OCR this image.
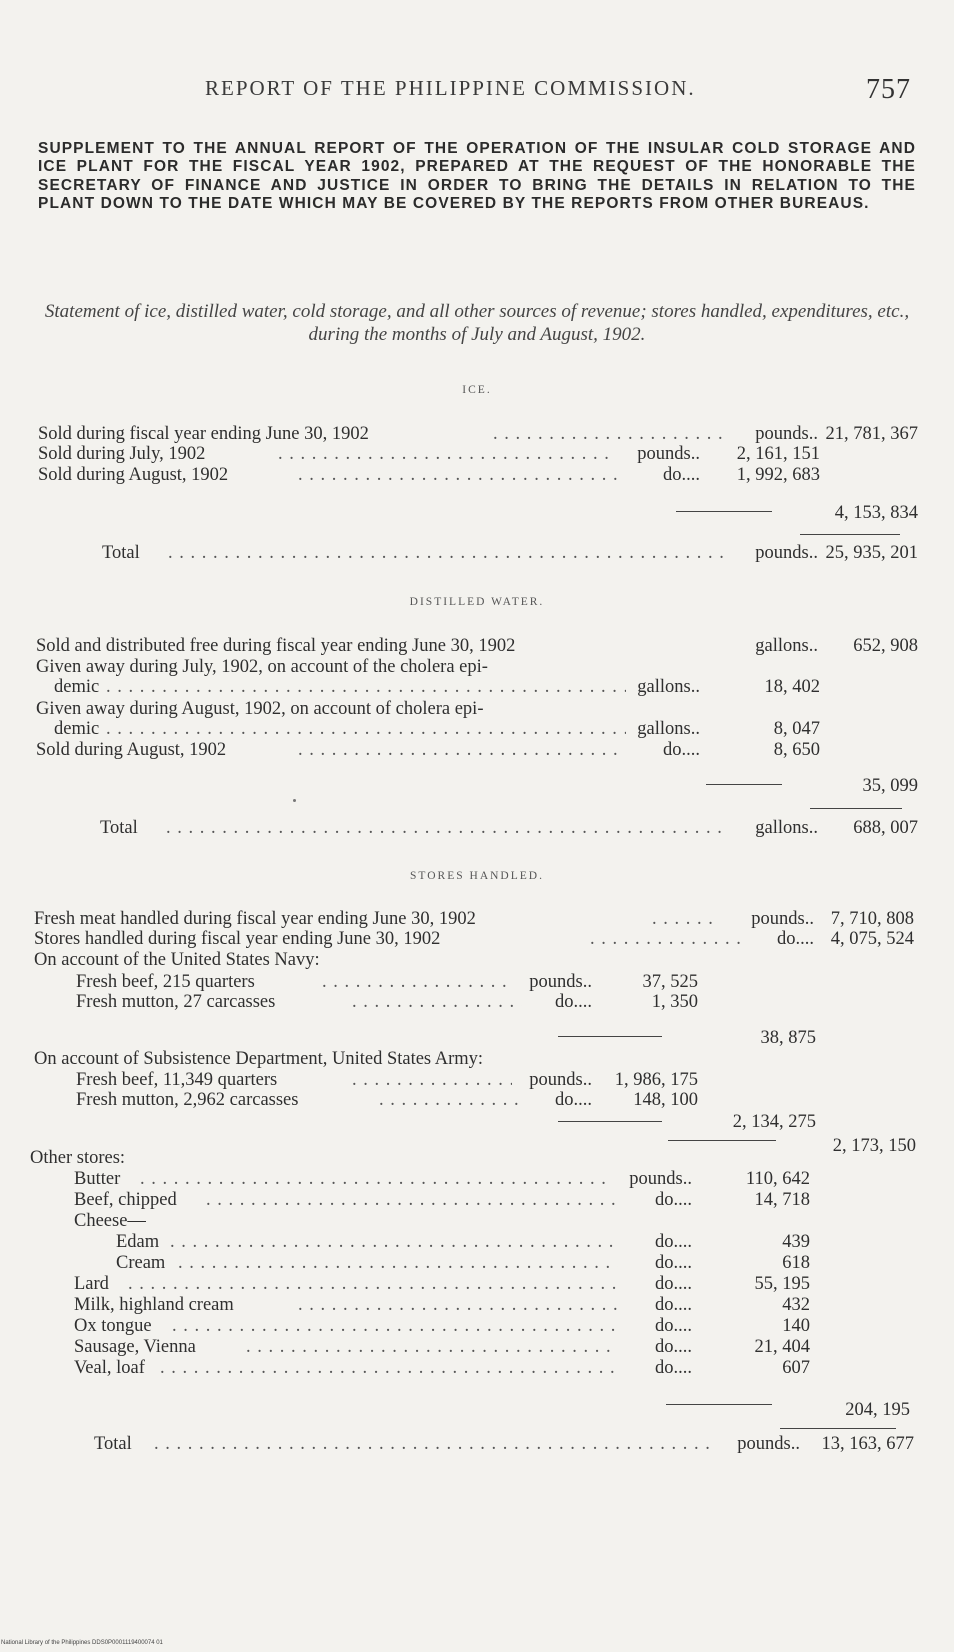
REPORT OF THE PHILIPPINE COMMISSION.	757
SUPPLEMENT TO THE ANNUAL REPORT OF THE OPERATION OF THE INSULAR COLD STORAGE AND ICE PLANT FOR THE FISCAL YEAR 1902, PREPARED AT THE REQUEST OF THE HONORABLE THE SECRETARY OF FINANCE AND JUSTICE IN ORDER TO BRING THE DETAILS IN RELATION TO THE PLANT DOWN TO THE DATE WHICH MAY BE COVERED BY THE REPORTS FROM OTHER BUREAUS.
Statement of ice, distilled water, cold storage, and all other sources of revenue; stores handled, expenditures, etc., during the months of July and August, 1902.
ICE.
Sold during fiscal year ending June 30, 1902 . . .	pounds.. 21, 781, 367
Sold during July, 1902 . . .	pounds..	2, 161, 151
Sold during August, 1902 . . .	do....	1, 992, 683
4, 153, 834
Total . . .	pounds.. 25, 935, 201
DISTILLED WATER.
Sold and distributed free during fiscal year ending June 30, 1902	gallons..	652, 908
Given away during July, 1902, on account of the cholera epi-
demic . . .	gallons..	18, 402
Given away during August, 1902, on account of cholera epi-
demic . . .	gallons..	8, 047
Sold during August, 1902 . . .	do....	8, 650
35, 099
Total . . .	gallons..	688, 007
STORES HANDLED.
Fresh meat handled during fiscal year ending June 30, 1902 . . .	pounds.. 7, 710, 808
Stores handled during fiscal year ending June 30, 1902 . . .	do.... 4, 075, 524
On account of the United States Navy:
Fresh beef, 215 quarters . . .	pounds..	37, 525
Fresh mutton, 27 carcasses . . .	do....	1, 350
38, 875
On account of Subsistence Department, United States Army:
Fresh beef, 11,349 quarters . . .	pounds..	1, 986, 175
Fresh mutton, 2,962 carcasses . . .	do....	148, 100
2, 134, 275
2, 173, 150
Other stores:
Butter . . .	pounds..	110, 642
Beef, chipped . . .	do....	14, 718
Cheese—
Edam . . .	do....	439
Cream . . .	do....	618
Lard . . .	do....	55, 195
Milk, highland cream . . .	do....	432
Ox tongue . . .	do....	140
Sausage, Vienna . . .	do....	21, 404
Veal, loaf . . .	do....	607
204, 195
Total . . .	pounds..	13, 163, 677
National Library of the Philippines DDS0P0001119400074 01
